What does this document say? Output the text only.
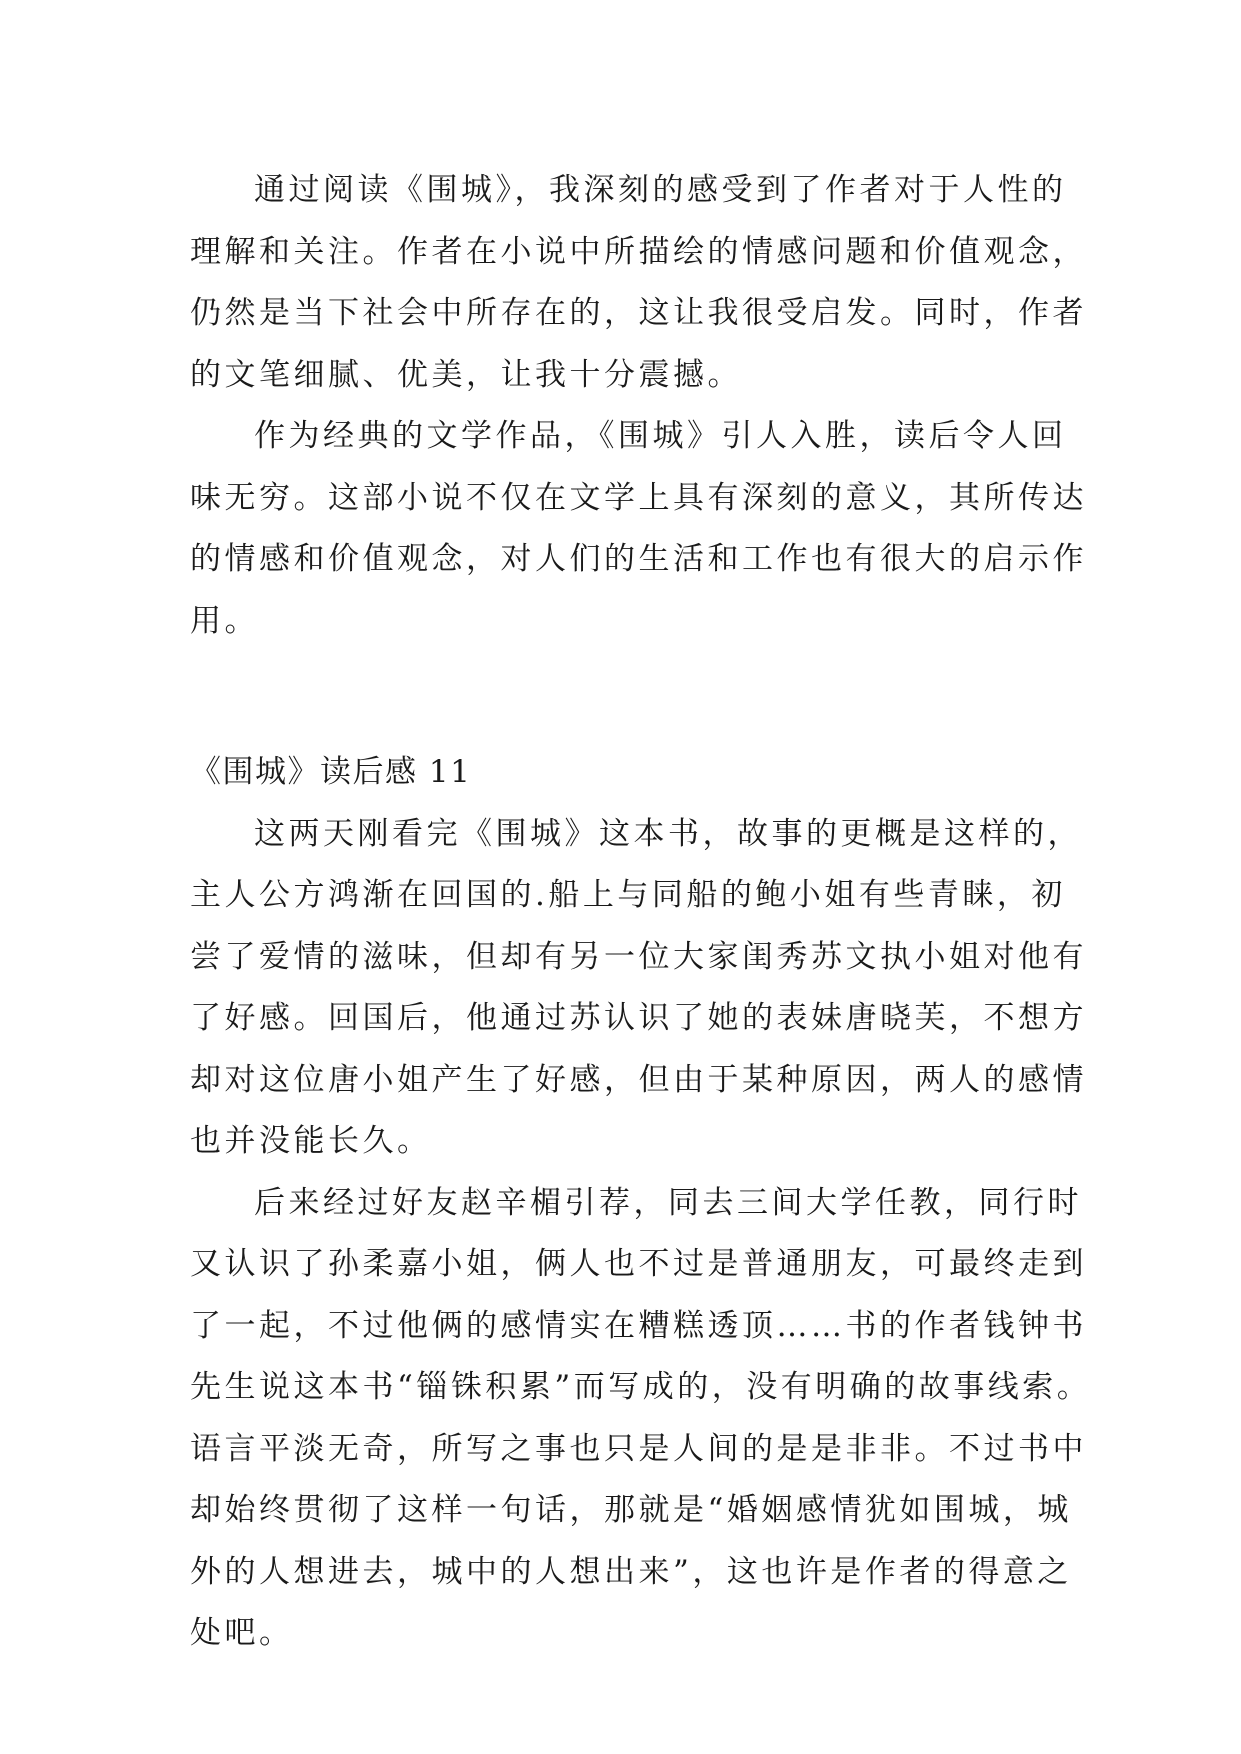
通过阅读《围城》，我深刻的感受到了作者对于人性的
理解和关注。作者在小说中所描绘的情感问题和价值观念，
仍然是当下社会中所存在的，这让我很受启发。同时，作者
的文笔细腻、优美，让我十分震撼。
作为经典的文学作品，《围城》引人入胜，读后令人回
味无穷。这部小说不仅在文学上具有深刻的意义，其所传达
的情感和价值观念，对人们的生活和工作也有很大的启示作
用。
《围城》读后感 11
这两天刚看完《围城》这本书，故事的更概是这样的，
主人公方鸿渐在回国的.船上与同船的鲍小姐有些青睐，初
尝了爱情的滋味，但却有另一位大家闺秀苏文执小姐对他有
了好感。回国后，他通过苏认识了她的表妹唐晓芙，不想方
却对这位唐小姐产生了好感，但由于某种原因，两人的感情
也并没能长久。
后来经过好友赵辛楣引荐，同去三间大学任教，同行时
又认识了孙柔嘉小姐，俩人也不过是普通朋友，可最终走到
了一起，不过他俩的感情实在糟糕透顶……书的作者钱钟书
先生说这本书“锱铢积累”而写成的，没有明确的故事线索。
语言平淡无奇，所写之事也只是人间的是是非非。不过书中
却始终贯彻了这样一句话，那就是“婚姻感情犹如围城，城
外的人想进去，城中的人想出来”，这也许是作者的得意之
处吧。
